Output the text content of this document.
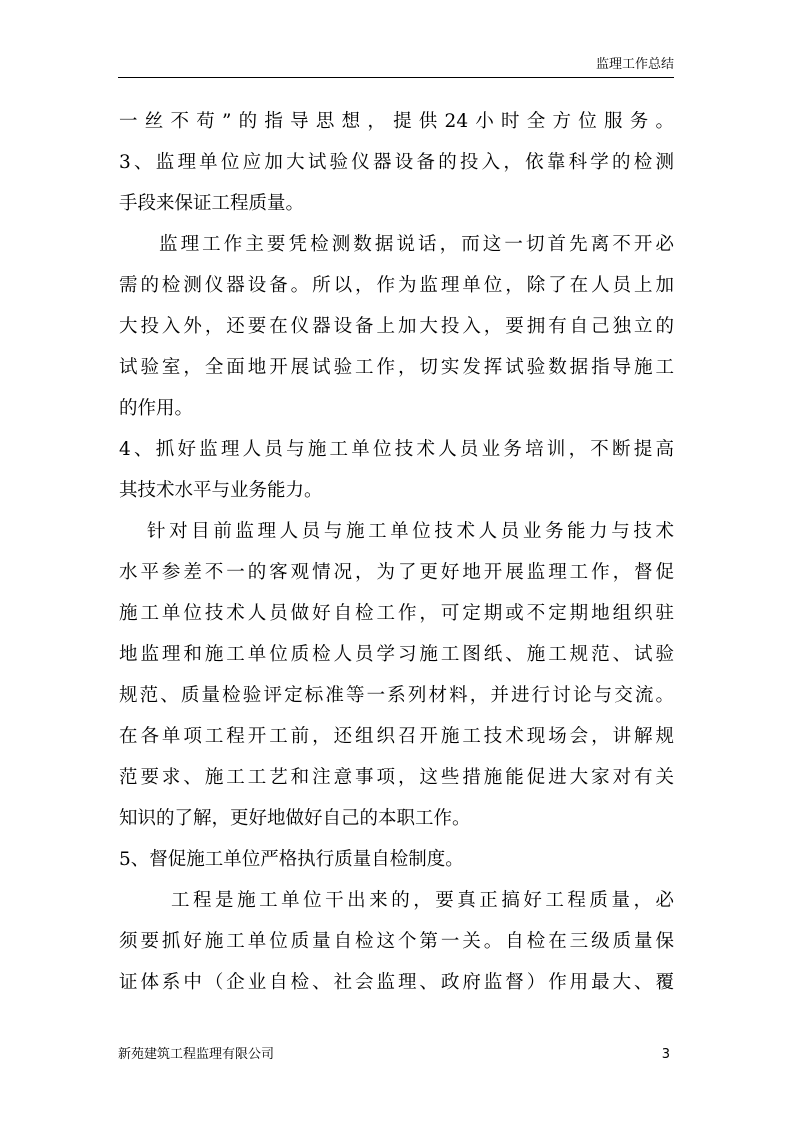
监理工作总结
一丝不苟”的指导思想，提供24小时全方位服务。
3、监理单位应加大试验仪器设备的投入，依靠科学的检测
手段来保证工程质量。
监理工作主要凭检测数据说话，而这一切首先离不开必
需的检测仪器设备。所以，作为监理单位，除了在人员上加
大投入外，还要在仪器设备上加大投入，要拥有自己独立的
试验室，全面地开展试验工作，切实发挥试验数据指导施工
的作用。
4、抓好监理人员与施工单位技术人员业务培训，不断提高
其技术水平与业务能力。
针对目前监理人员与施工单位技术人员业务能力与技术
水平参差不一的客观情况，为了更好地开展监理工作，督促
施工单位技术人员做好自检工作，可定期或不定期地组织驻
地监理和施工单位质检人员学习施工图纸、施工规范、试验
规范、质量检验评定标准等一系列材料，并进行讨论与交流。
在各单项工程开工前，还组织召开施工技术现场会，讲解规
范要求、施工工艺和注意事项，这些措施能促进大家对有关
知识的了解，更好地做好自己的本职工作。
5、督促施工单位严格执行质量自检制度。
工程是施工单位干出来的，要真正搞好工程质量，必
须要抓好施工单位质量自检这个第一关。自检在三级质量保
证体系中（企业自检、社会监理、政府监督）作用最大、覆
新苑建筑工程监理有限公司	3
